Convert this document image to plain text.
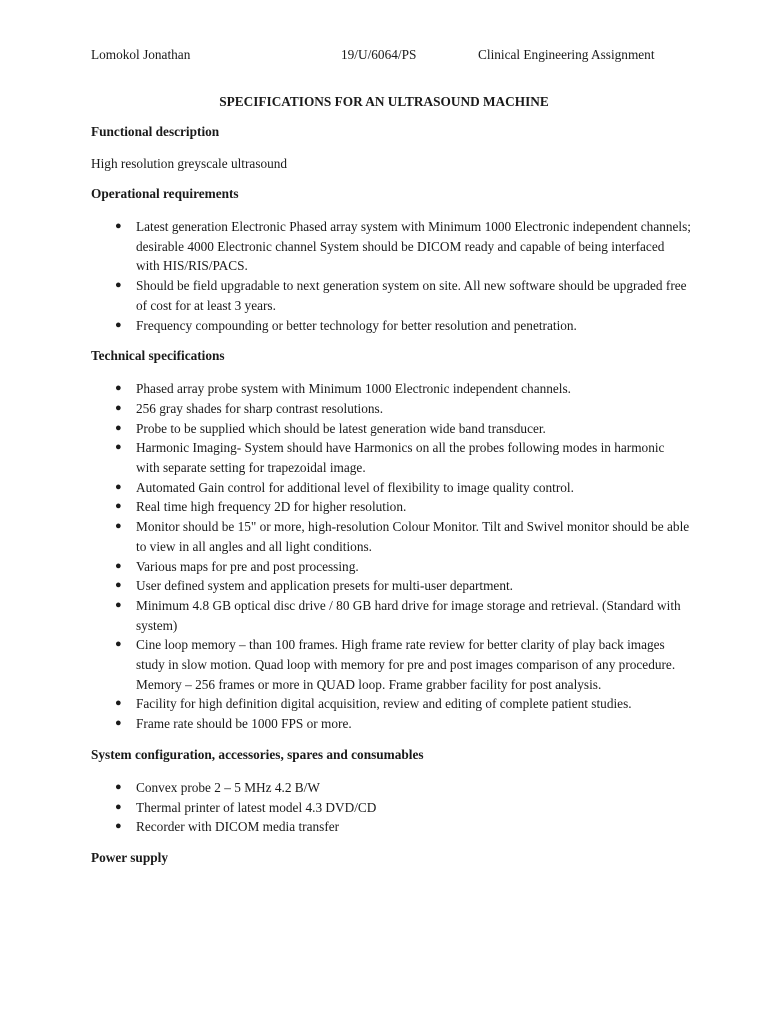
Lomokol Jonathan	19/U/6064/PS	Clinical Engineering Assignment
SPECIFICATIONS FOR AN ULTRASOUND MACHINE

Functional description

High resolution greyscale ultrasound

Operational requirements

● Latest generation Electronic Phased array system with Minimum 1000 Electronic independent channels; desirable 4000 Electronic channel System should be DICOM ready and capable of being interfaced with HIS/RIS/PACS.
● Should be field upgradable to next generation system on site. All new software should be upgraded free of cost for at least 3 years.
● Frequency compounding or better technology for better resolution and penetration.

Technical specifications

● Phased array probe system with Minimum 1000 Electronic independent channels.
● 256 gray shades for sharp contrast resolutions.
● Probe to be supplied which should be latest generation wide band transducer.
● Harmonic Imaging- System should have Harmonics on all the probes following modes in harmonic with separate setting for trapezoidal image.
● Automated Gain control for additional level of flexibility to image quality control.
● Real time high frequency 2D for higher resolution.
● Monitor should be 15" or more, high-resolution Colour Monitor. Tilt and Swivel monitor should be able to view in all angles and all light conditions.
● Various maps for pre and post processing.
● User defined system and application presets for multi-user department.
● Minimum 4.8 GB optical disc drive / 80 GB hard drive for image storage and retrieval. (Standard with system)
● Cine loop memory – than 100 frames. High frame rate review for better clarity of play back images study in slow motion. Quad loop with memory for pre and post images comparison of any procedure. Memory – 256 frames or more in QUAD loop. Frame grabber facility for post analysis.
● Facility for high definition digital acquisition, review and editing of complete patient studies.
● Frame rate should be 1000 FPS or more.

System configuration, accessories, spares and consumables

● Convex probe 2 – 5 MHz 4.2 B/W
● Thermal printer of latest model 4.3 DVD/CD
● Recorder with DICOM media transfer

Power supply
